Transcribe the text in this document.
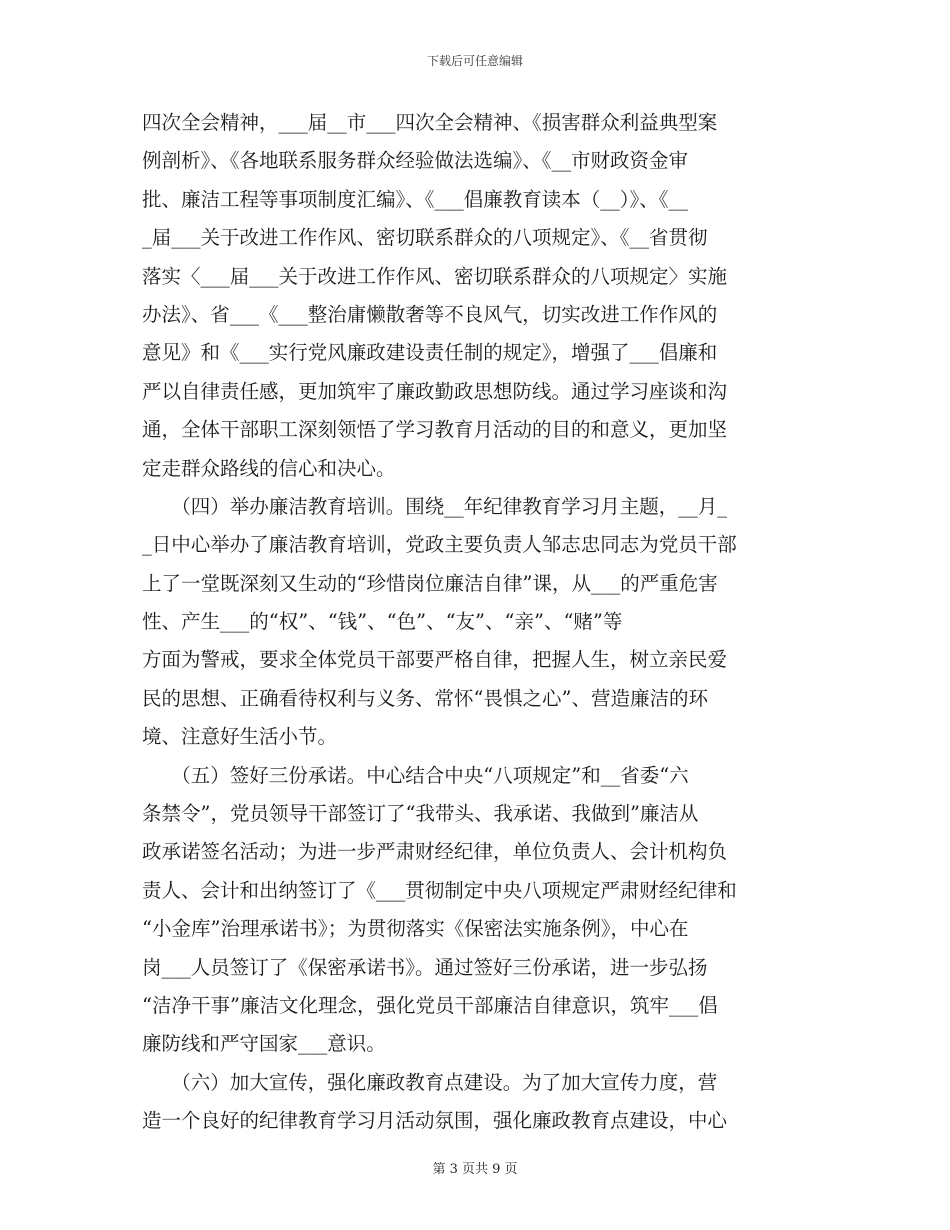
下载后可任意编辑
四次全会精神，___届__市___四次全会精神、《损害群众利益典型案
例剖析》、《各地联系服务群众经验做法选编》、《__市财政资金审
批、廉洁工程等事项制度汇编》、《___倡廉教育读本（__）》、《__
_届___关于改进工作作风、密切联系群众的八项规定》、《__省贯彻
落实〈___届___关于改进工作作风、密切联系群众的八项规定〉实施
办法》、省___《___整治庸懒散奢等不良风气，切实改进工作作风的
意见》和《___实行党风廉政建设责任制的规定》，增强了___倡廉和
严以自律责任感，更加筑牢了廉政勤政思想防线。通过学习座谈和沟
通，全体干部职工深刻领悟了学习教育月活动的目的和意义，更加坚
定走群众路线的信心和决心。
　　（四）举办廉洁教育培训。围绕__年纪律教育学习月主题，__月_
_日中心举办了廉洁教育培训，党政主要负责人邹志忠同志为党员干部
上了一堂既深刻又生动的“珍惜岗位廉洁自律”课，从___的严重危害
性、产生___的“权”、“钱”、“色”、“友”、“亲”、“赌”等
方面为警戒，要求全体党员干部要严格自律，把握人生，树立亲民爱
民的思想、正确看待权利与义务、常怀“畏惧之心”、营造廉洁的环
境、注意好生活小节。
　　（五）签好三份承诺。中心结合中央“八项规定”和__省委“六
条禁令”，党员领导干部签订了“我带头、我承诺、我做到”廉洁从
政承诺签名活动；为进一步严肃财经纪律，单位负责人、会计机构负
责人、会计和出纳签订了《___贯彻制定中央八项规定严肃财经纪律和
“小金库”治理承诺书》；为贯彻落实《保密法实施条例》，中心在
岗___人员签订了《保密承诺书》。通过签好三份承诺，进一步弘扬
“洁净干事”廉洁文化理念，强化党员干部廉洁自律意识，筑牢___倡
廉防线和严守国家___意识。
　　（六）加大宣传，强化廉政教育点建设。为了加大宣传力度，营
造一个良好的纪律教育学习月活动氛围，强化廉政教育点建设，中心
第 3 页共 9 页
